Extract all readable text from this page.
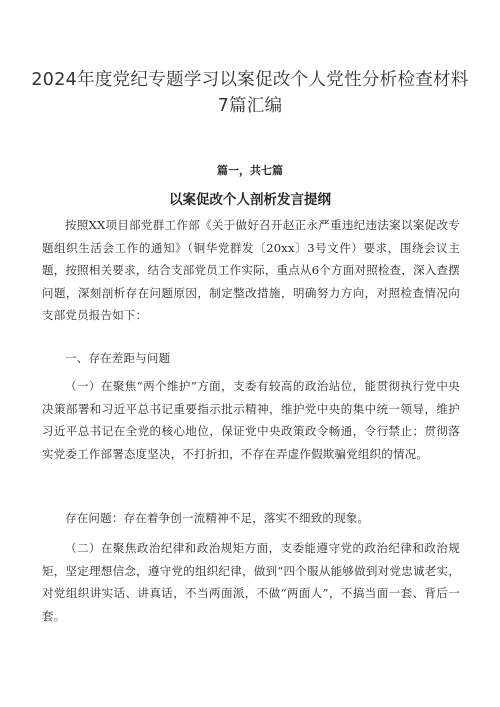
2024年度党纪专题学习以案促改个人党性分析检查材料7篇汇编
篇一，共七篇
以案促改个人剖析发言提纲

按照XX项目部党群工作部《关于做好召开赵正永严重违纪违法案以案促改专题组织生活会工作的通知》（铜华党群发〔20xx〕3号文件）要求，围绕会议主题，按照相关要求，结合支部党员工作实际，重点从6个方面对照检查，深入查摆问题，深刻剖析存在问题原因，制定整改措施，明确努力方向，对照检查情况向支部党员报告如下：

一、存在差距与问题

（一）在聚焦“两个维护”方面，支委有较高的政治站位，能贯彻执行党中央决策部署和习近平总书记重要指示批示精神，维护党中央的集中统一领导，维护习近平总书记在全党的核心地位，保证党中央政策政令畅通，令行禁止；贯彻落实党委工作部署态度坚决，不打折扣，不存在弄虚作假欺骗党组织的情况。

存在问题：存在着争创一流精神不足，落实不细致的现象。

（二）在聚焦政治纪律和政治规矩方面，支委能遵守党的政治纪律和政治规矩，坚定理想信念，遵守党的组织纪律，做到“四个服从能够做到对党忠诚老实，对党组织讲实话、讲真话，不当两面派，不做“两面人”，不搞当面一套、背后一套。
